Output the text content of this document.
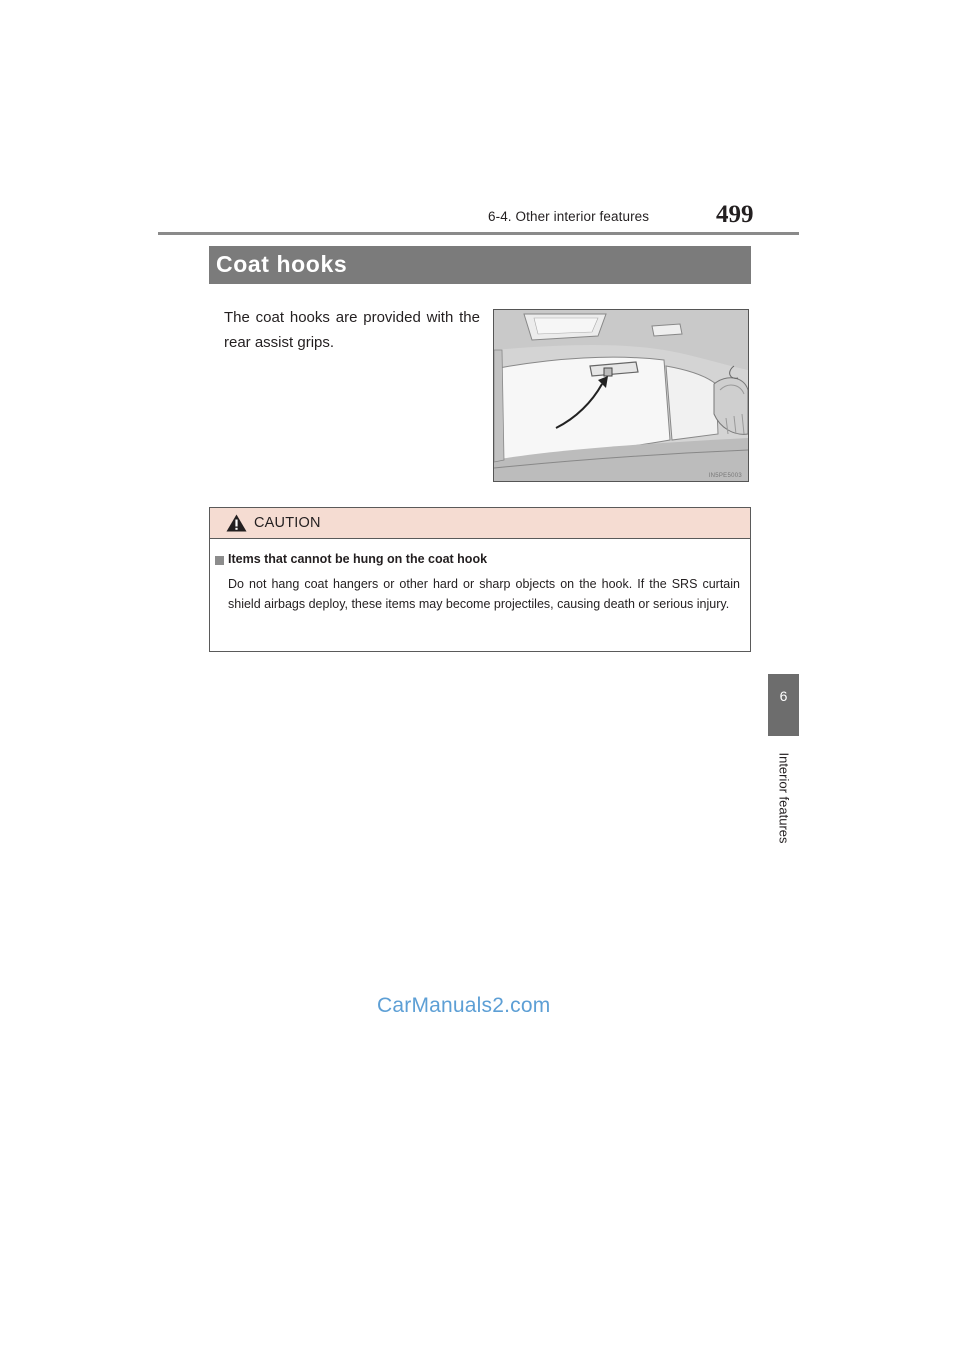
6-4. Other interior features	499
Coat hooks
The coat hooks are provided with the rear assist grips.
IN5PE5003
CAUTION
Items that cannot be hung on the coat hook
Do not hang coat hangers or other hard or sharp objects on the hook. If the SRS curtain shield airbags deploy, these items may become projectiles, causing death or serious injury.
6
Interior features
CarManuals2.com
